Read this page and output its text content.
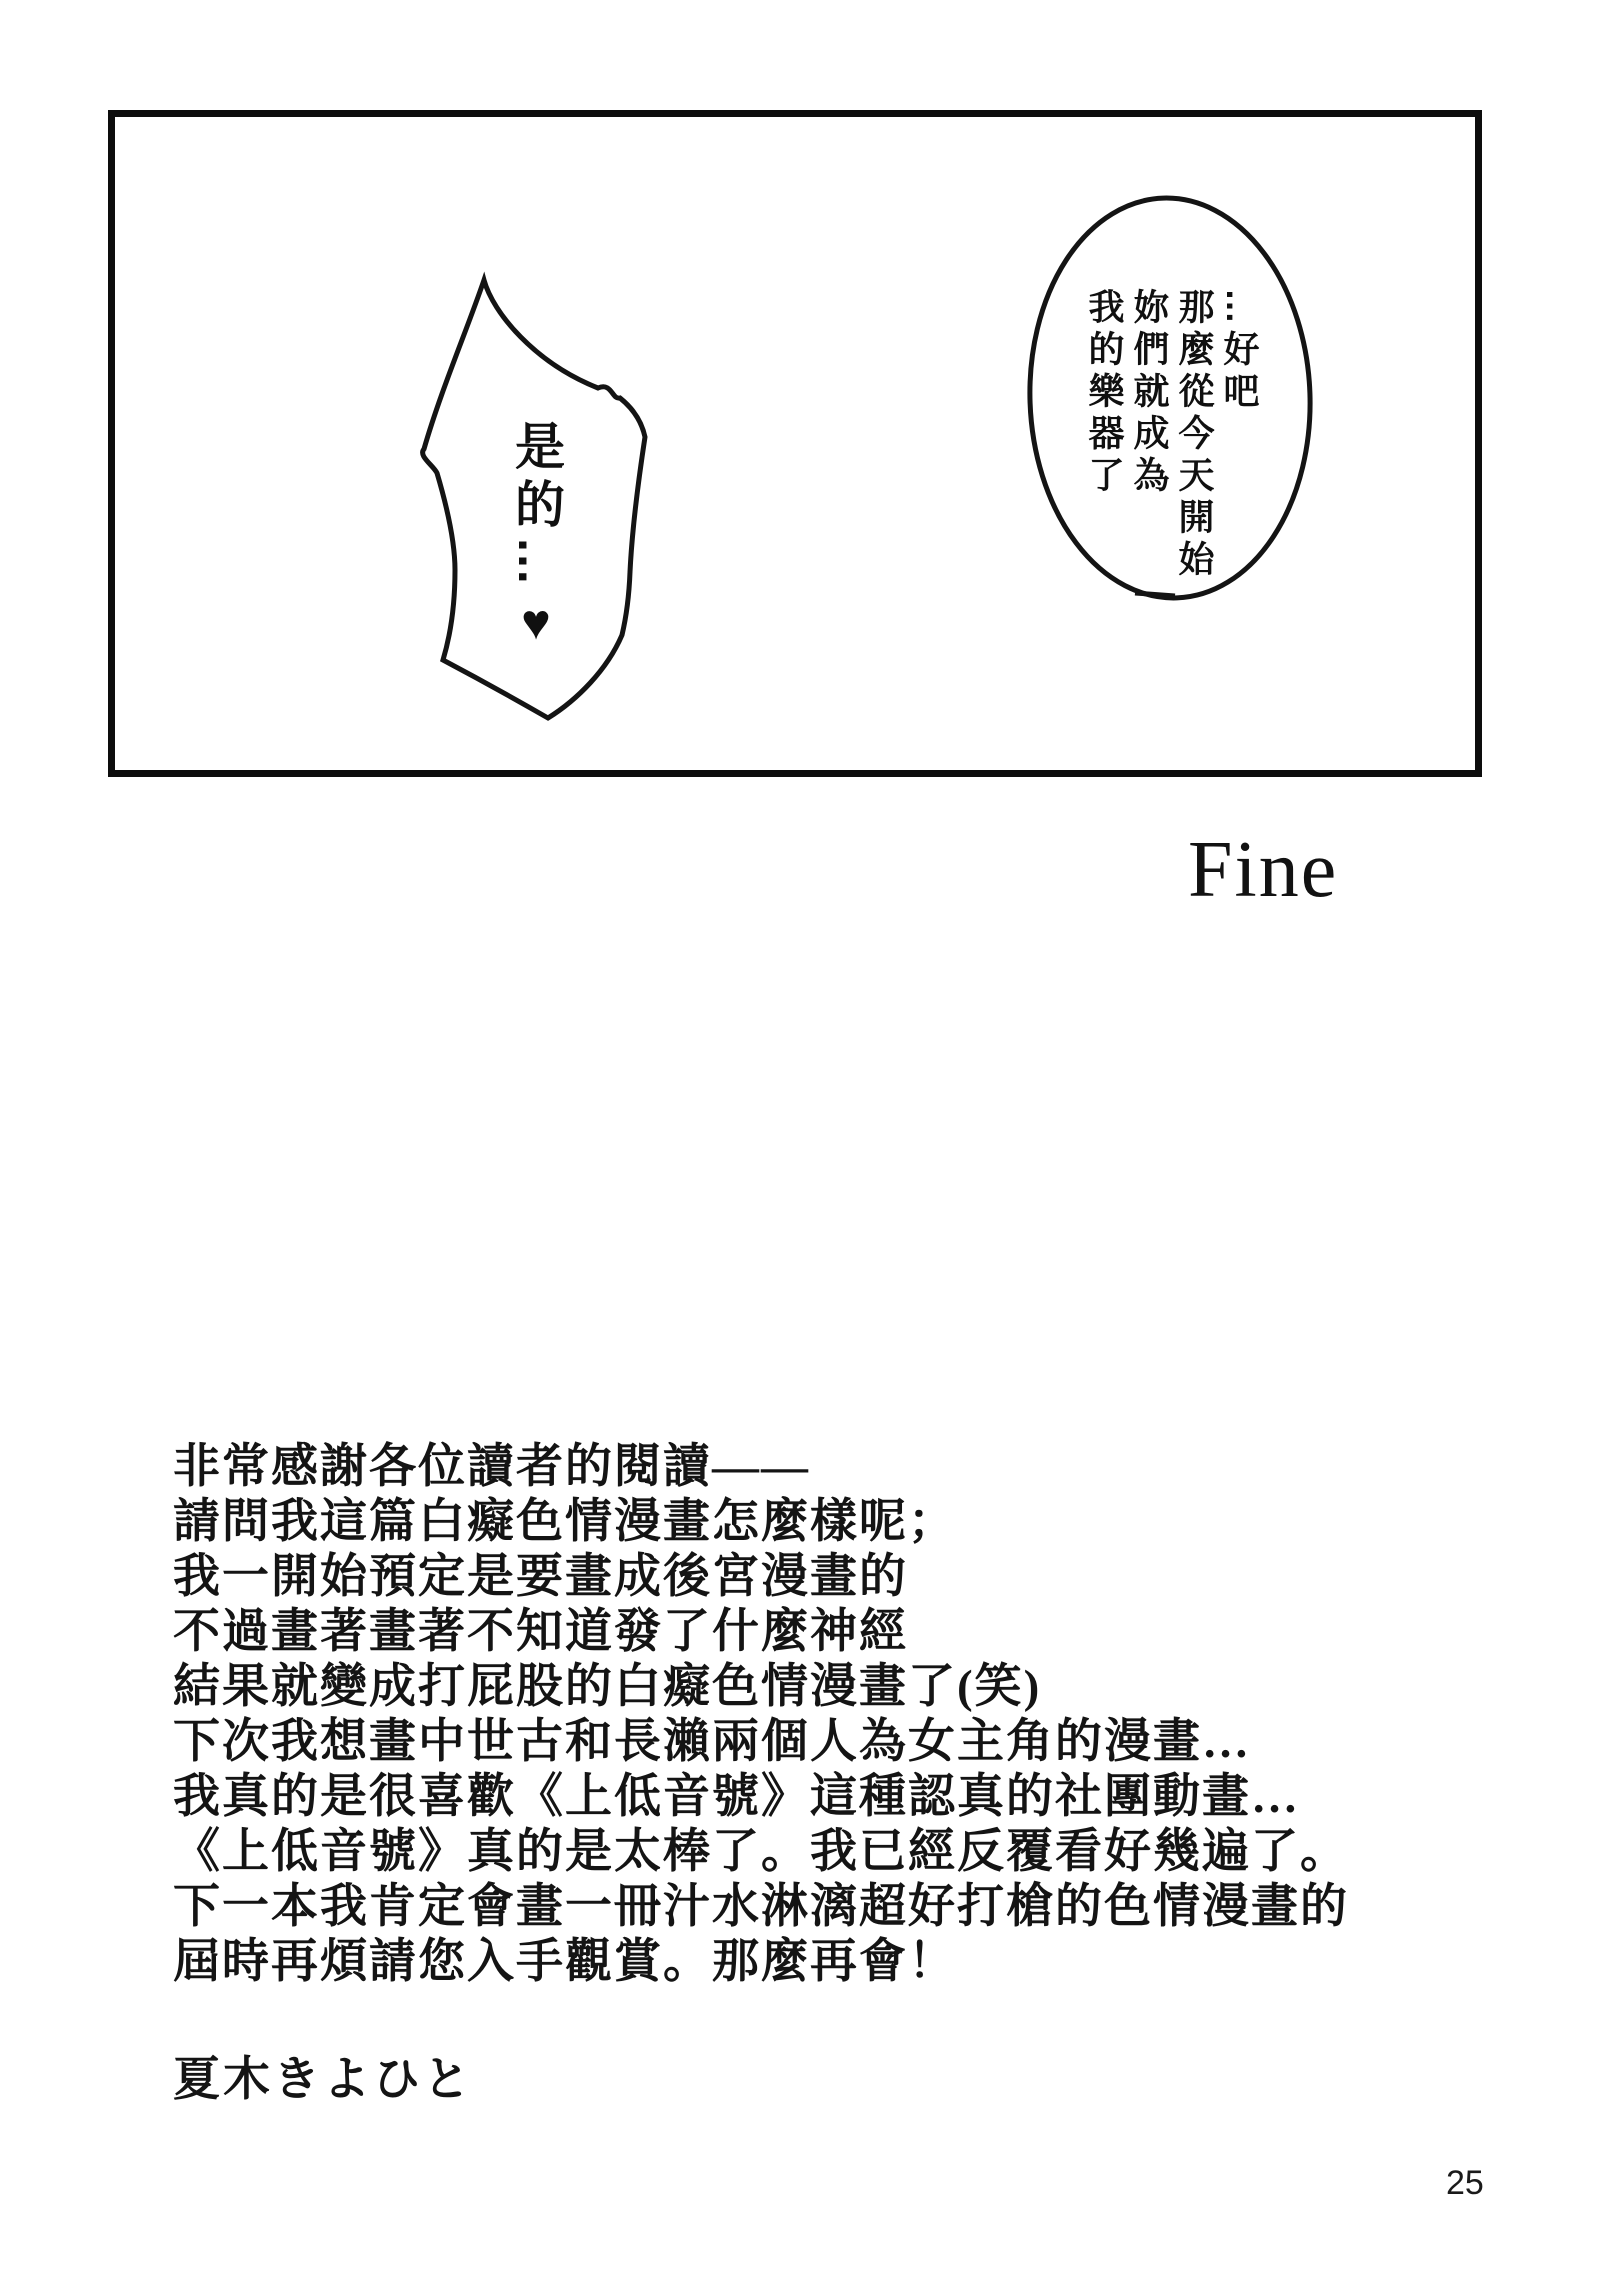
…好吧
那麼從今天開始
妳們就成為
我的樂器了
是的…♥
Fine
非常感謝各位讀者的閱讀——
請問我這篇白癡色情漫畫怎麼樣呢；
我一開始預定是要畫成後宮漫畫的
不過畫著畫著不知道發了什麼神經
結果就變成打屁股的白癡色情漫畫了(笑)
下次我想畫中世古和長瀨兩個人為女主角的漫畫…
我真的是很喜歡《上低音號》這種認真的社團動畫…
《上低音號》真的是太棒了。我已經反覆看好幾遍了。
下一本我肯定會畫一冊汁水淋漓超好打槍的色情漫畫的
屆時再煩請您入手觀賞。那麼再會！
夏木きよひと
25
